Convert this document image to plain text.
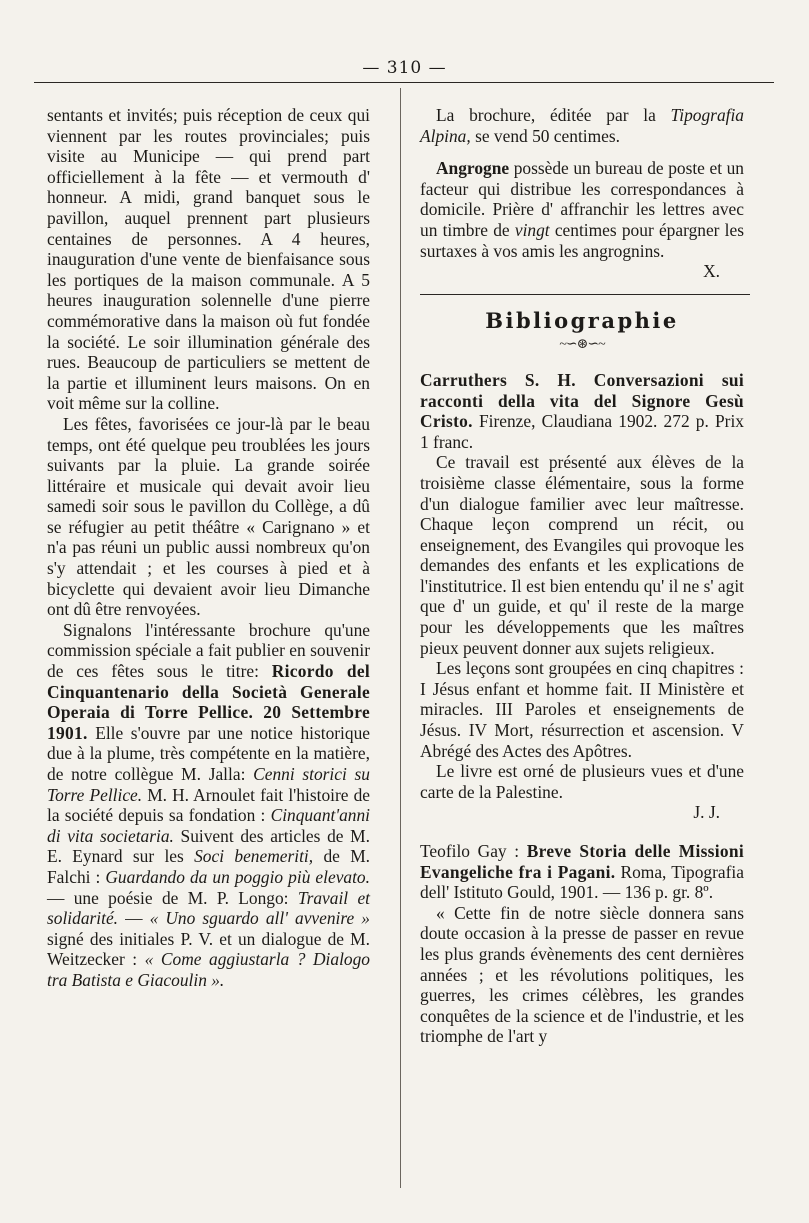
— 310 —

sentants et invités; puis réception de ceux qui viennent par les routes provinciales; puis visite au Municipe — qui prend part officiellement à la fête — et vermouth d' honneur. A midi, grand banquet sous le pavillon, auquel prennent part plusieurs centaines de personnes. A 4 heures, inauguration d'une vente de bienfaisance sous les portiques de la maison communale. A 5 heures inauguration solennelle d'une pierre commémorative dans la maison où fut fondée la société. Le soir illumination générale des rues. Beaucoup de particuliers se mettent de la partie et illuminent leurs maisons. On en voit même sur la colline.

Les fêtes, favorisées ce jour-là par le beau temps, ont été quelque peu troublées les jours suivants par la pluie. La grande soirée littéraire et musicale qui devait avoir lieu samedi soir sous le pavillon du Collège, a dû se réfugier au petit théâtre « Carignano » et n'a pas réuni un public aussi nombreux qu'on s'y attendait ; et les courses à pied et à bicyclette qui devaient avoir lieu Dimanche ont dû être renvoyées.

Signalons l'intéressante brochure qu'une commission spéciale a fait publier en souvenir de ces fêtes sous le titre: Ricordo del Cinquantenario della Società Generale Operaia di Torre Pellice. 20 Settembre 1901. Elle s'ouvre par une notice historique due à la plume, très compétente en la matière, de notre collègue M. Jalla: Cenni storici su Torre Pellice. M. H. Arnoulet fait l'histoire de la société depuis sa fondation : Cinquant'anni di vita societaria. Suivent des articles de M. E. Eynard sur les Soci benemeriti, de M. Falchi : Guardando da un poggio più elevato. — une poésie de M. P. Longo: Travail et solidarité. — « Uno sguardo all' avvenire » signé des initiales P. V. et un dialogue de M. Weitzecker : « Come aggiustarla ? Dialogo tra Batista e Giacoulin ».

La brochure, éditée par la Tipografia Alpina, se vend 50 centimes.

Angrogne possède un bureau de poste et un facteur qui distribue les correspondances à domicile. Prière d' affranchir les lettres avec un timbre de vingt centimes pour épargner les surtaxes à vos amis les angrognins.

X.

Bibliographie
~∽⊛∽~

Carruthers S. H. Conversazioni sui racconti della vita del Signore Gesù Cristo. Firenze, Claudiana 1902. 272 p. Prix 1 franc.

Ce travail est présenté aux élèves de la troisième classe élémentaire, sous la forme d'un dialogue familier avec leur maîtresse. Chaque leçon comprend un récit, ou enseignement, des Evangiles qui provoque les demandes des enfants et les explications de l'institutrice. Il est bien entendu qu' il ne s' agit que d' un guide, et qu' il reste de la marge pour les développements que les maîtres pieux peuvent donner aux sujets religieux.

Les leçons sont groupées en cinq chapitres : I Jésus enfant et homme fait. II Ministère et miracles. III Paroles et enseignements de Jésus. IV Mort, résurrection et ascension. V Abrégé des Actes des Apôtres.

Le livre est orné de plusieurs vues et d'une carte de la Palestine.

J. J.

Teofilo Gay : Breve Storia delle Missioni Evangeliche fra i Pagani. Roma, Tipografia dell' Istituto Gould, 1901. — 136 p. gr. 8º.

« Cette fin de notre siècle donnera sans doute occasion à la presse de passer en revue les plus grands évènements des cent dernières années ; et les révolutions politiques, les guerres, les crimes célèbres, les grandes conquêtes de la science et de l'industrie, et les triomphe de l'art y
